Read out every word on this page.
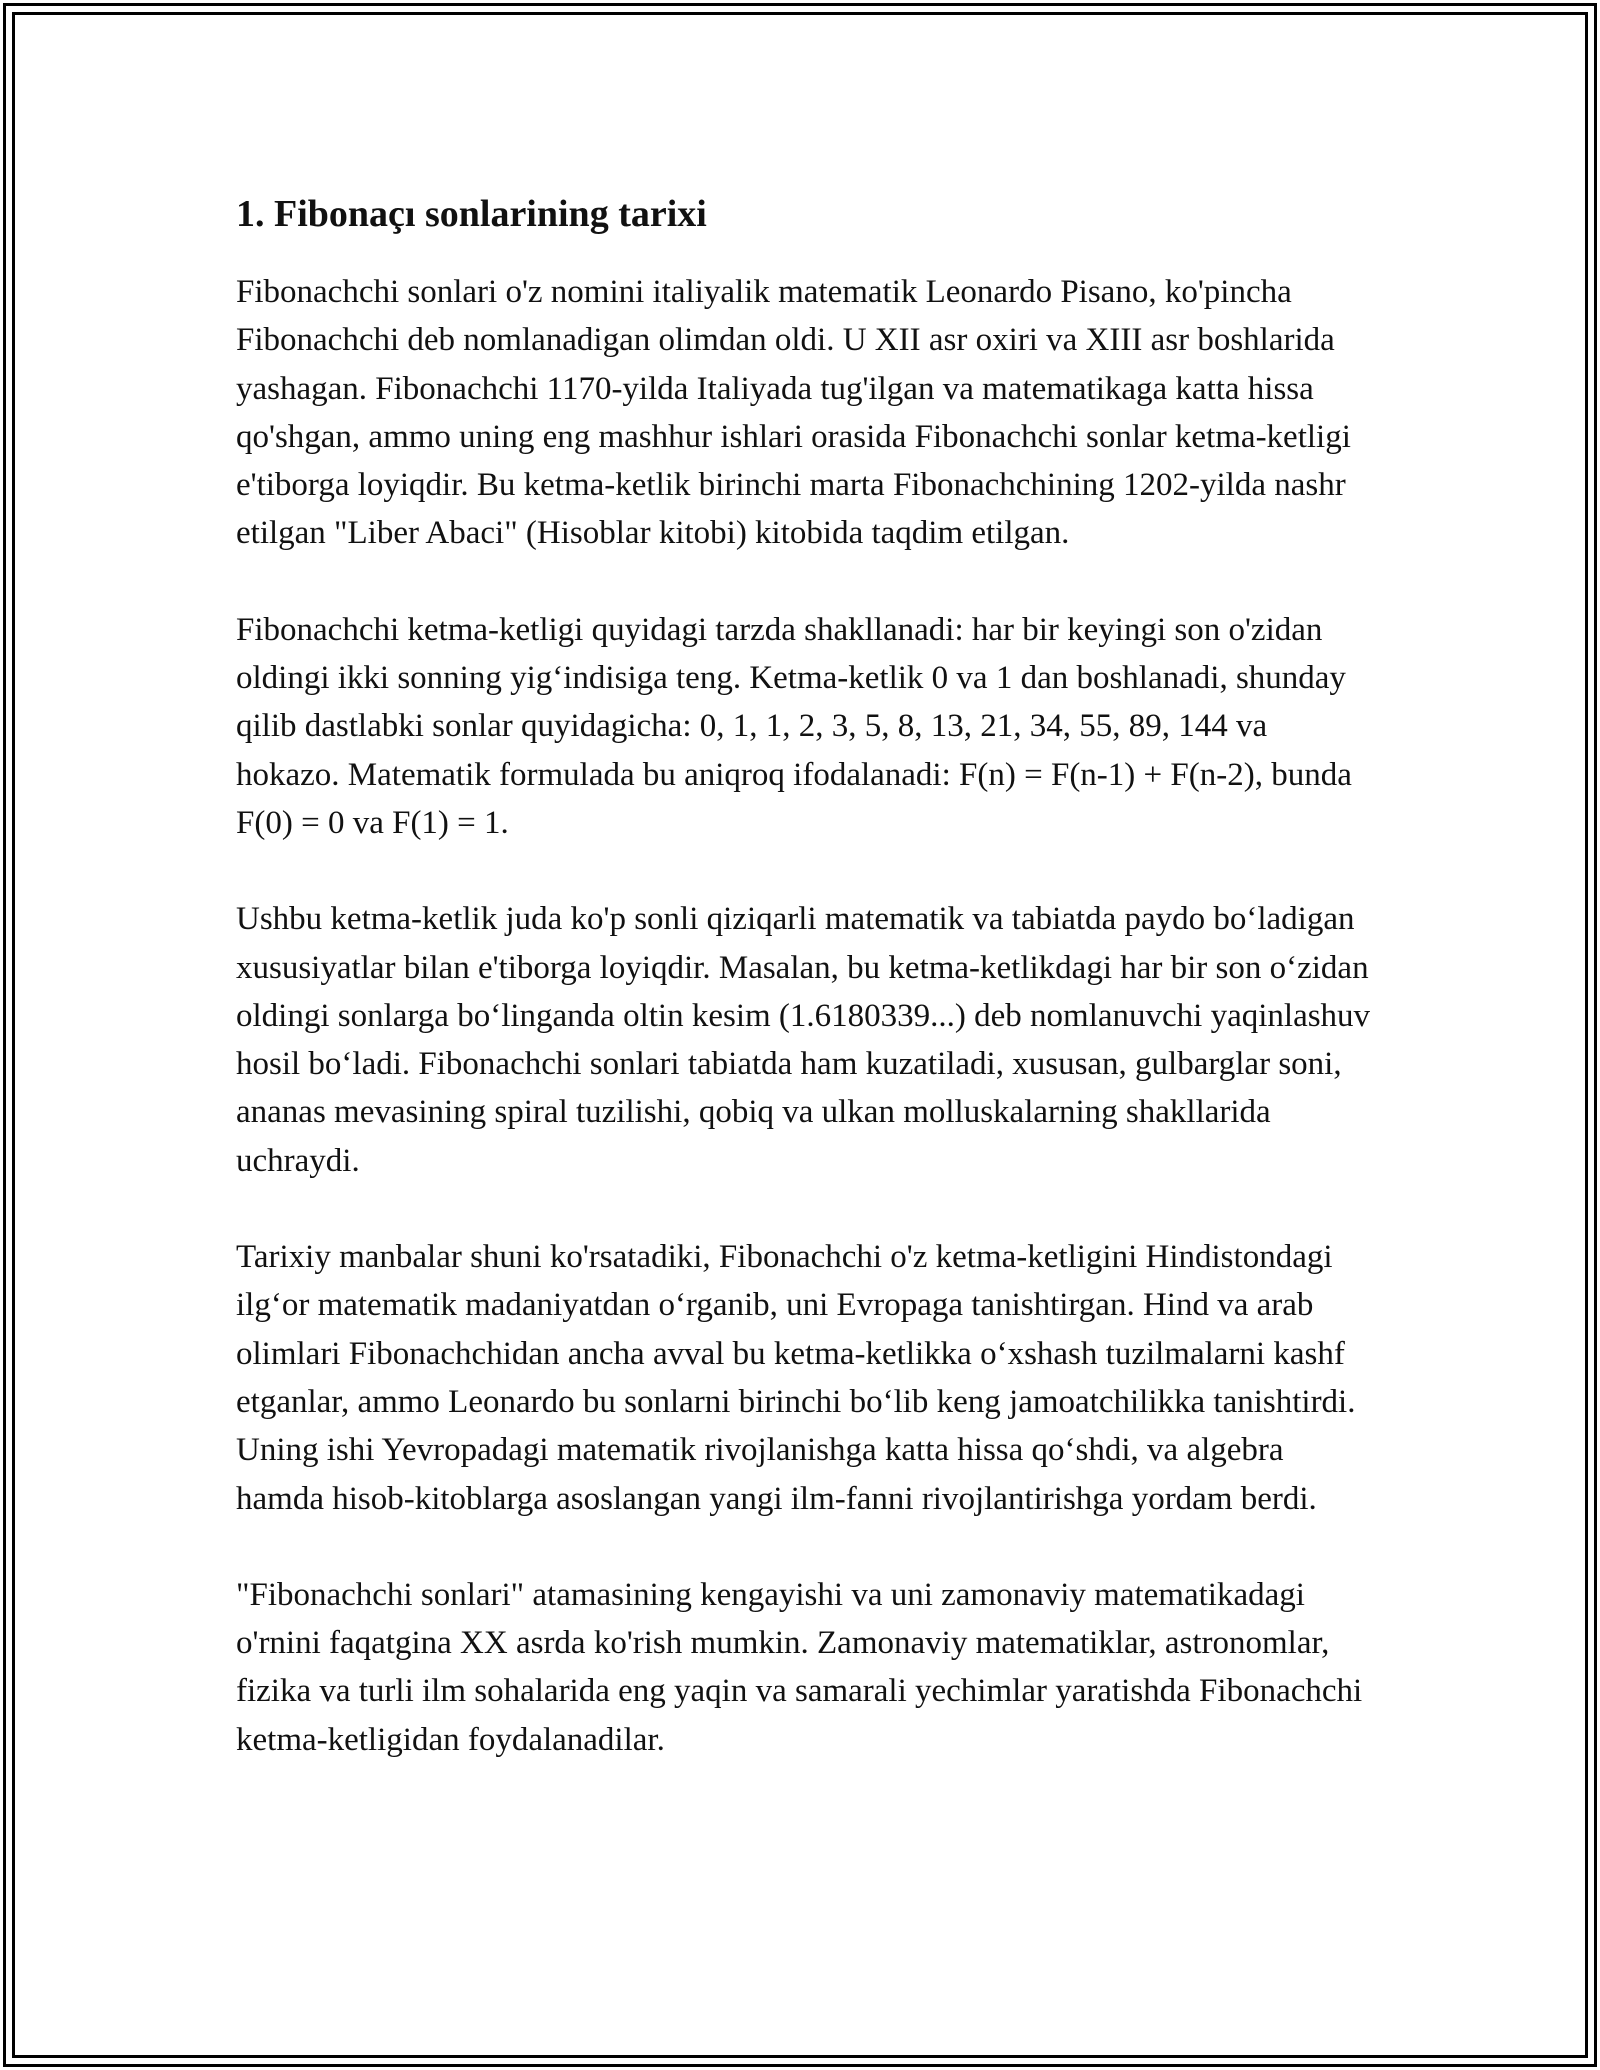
1. Fibonaçı sonlarining tarixi

Fibonachchi sonlari o'z nomini italiyalik matematik Leonardo Pisano, ko'pincha Fibonachchi deb nomlanadigan olimdan oldi. U XII asr oxiri va XIII asr boshlarida yashagan. Fibonachchi 1170-yilda Italiyada tug'ilgan va matematikaga katta hissa qo'shgan, ammo uning eng mashhur ishlari orasida Fibonachchi sonlar ketma-ketligi e'tiborga loyiqdir. Bu ketma-ketlik birinchi marta Fibonachchining 1202-yilda nashr etilgan "Liber Abaci" (Hisoblar kitobi) kitobida taqdim etilgan.

Fibonachchi ketma-ketligi quyidagi tarzda shakllanadi: har bir keyingi son o'zidan oldingi ikki sonning yig‘indisiga teng. Ketma-ketlik 0 va 1 dan boshlanadi, shunday qilib dastlabki sonlar quyidagicha: 0, 1, 1, 2, 3, 5, 8, 13, 21, 34, 55, 89, 144 va hokazo. Matematik formulada bu aniqroq ifodalanadi: F(n) = F(n-1) + F(n-2), bunda F(0) = 0 va F(1) = 1.

Ushbu ketma-ketlik juda ko'p sonli qiziqarli matematik va tabiatda paydo bo‘ladigan xususiyatlar bilan e'tiborga loyiqdir. Masalan, bu ketma-ketlikdagi har bir son o‘zidan oldingi sonlarga bo‘linganda oltin kesim (1.6180339...) deb nomlanuvchi yaqinlashuv hosil bo‘ladi. Fibonachchi sonlari tabiatda ham kuzatiladi, xususan, gulbarglar soni, ananas mevasining spiral tuzilishi, qobiq va ulkan molluskalarning shakllarida uchraydi.

Tarixiy manbalar shuni ko'rsatadiki, Fibonachchi o'z ketma-ketligini Hindistondagi ilg‘or matematik madaniyatdan o‘rganib, uni Evropaga tanishtirgan. Hind va arab olimlari Fibonachchidan ancha avval bu ketma-ketlikka o‘xshash tuzilmalarni kashf etganlar, ammo Leonardo bu sonlarni birinchi bo‘lib keng jamoatchilikka tanishtirdi. Uning ishi Yevropadagi matematik rivojlanishga katta hissa qo‘shdi, va algebra hamda hisob-kitoblarga asoslangan yangi ilm-fanni rivojlantirishga yordam berdi.

"Fibonachchi sonlari" atamasining kengayishi va uni zamonaviy matematikadagi o'rnini faqatgina XX asrda ko'rish mumkin. Zamonaviy matematiklar, astronomlar, fizika va turli ilm sohalarida eng yaqin va samarali yechimlar yaratishda Fibonachchi ketma-ketligidan foydalanadilar.
